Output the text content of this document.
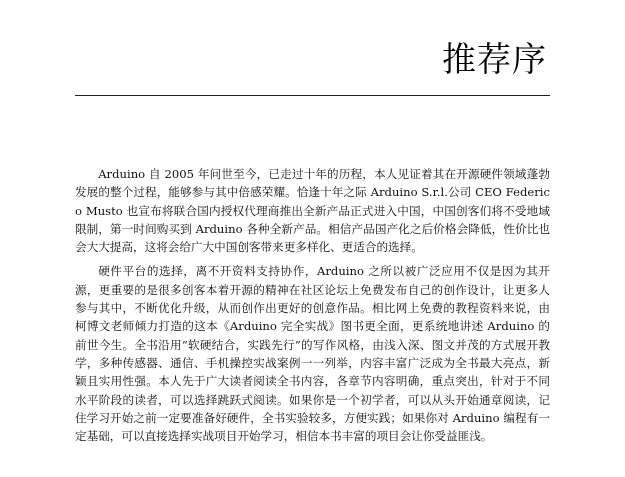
推荐序

Arduino 自 2005 年问世至今，已走过十年的历程，本人见证着其在开源硬件领域蓬勃发展的整个过程，能够参与其中倍感荣耀。恰逢十年之际 Arduino S.r.l.公司 CEO Federico Musto 也宣布将联合国内授权代理商推出全新产品正式进入中国，中国创客们将不受地域限制，第一时间购买到 Arduino 各种全新产品。相信产品国产化之后价格会降低，性价比也会大大提高，这将会给广大中国创客带来更多样化、更适合的选择。

硬件平台的选择，离不开资料支持协作，Arduino 之所以被广泛应用不仅是因为其开源，更重要的是很多创客本着开源的精神在社区论坛上免费发布自己的创作设计，让更多人参与其中，不断优化升级，从而创作出更好的创意作品。相比网上免费的教程资料来说，由柯博文老师倾力打造的这本《Arduino 完全实战》图书更全面，更系统地讲述 Arduino 的前世今生。全书沿用“软硬结合，实践先行”的写作风格，由浅入深、图文并茂的方式展开教学，多种传感器、通信、手机操控实战案例一一列举，内容丰富广泛成为全书最大亮点，新颖且实用性强。本人先于广大读者阅读全书内容，各章节内容明确，重点突出，针对于不同水平阶段的读者，可以选择跳跃式阅读。如果你是一个初学者，可以从头开始通章阅读，记住学习开始之前一定要准备好硬件，全书实验较多，方便实践；如果你对 Arduino 编程有一定基础，可以直接选择实战项目开始学习，相信本书丰富的项目会让你受益匪浅。
